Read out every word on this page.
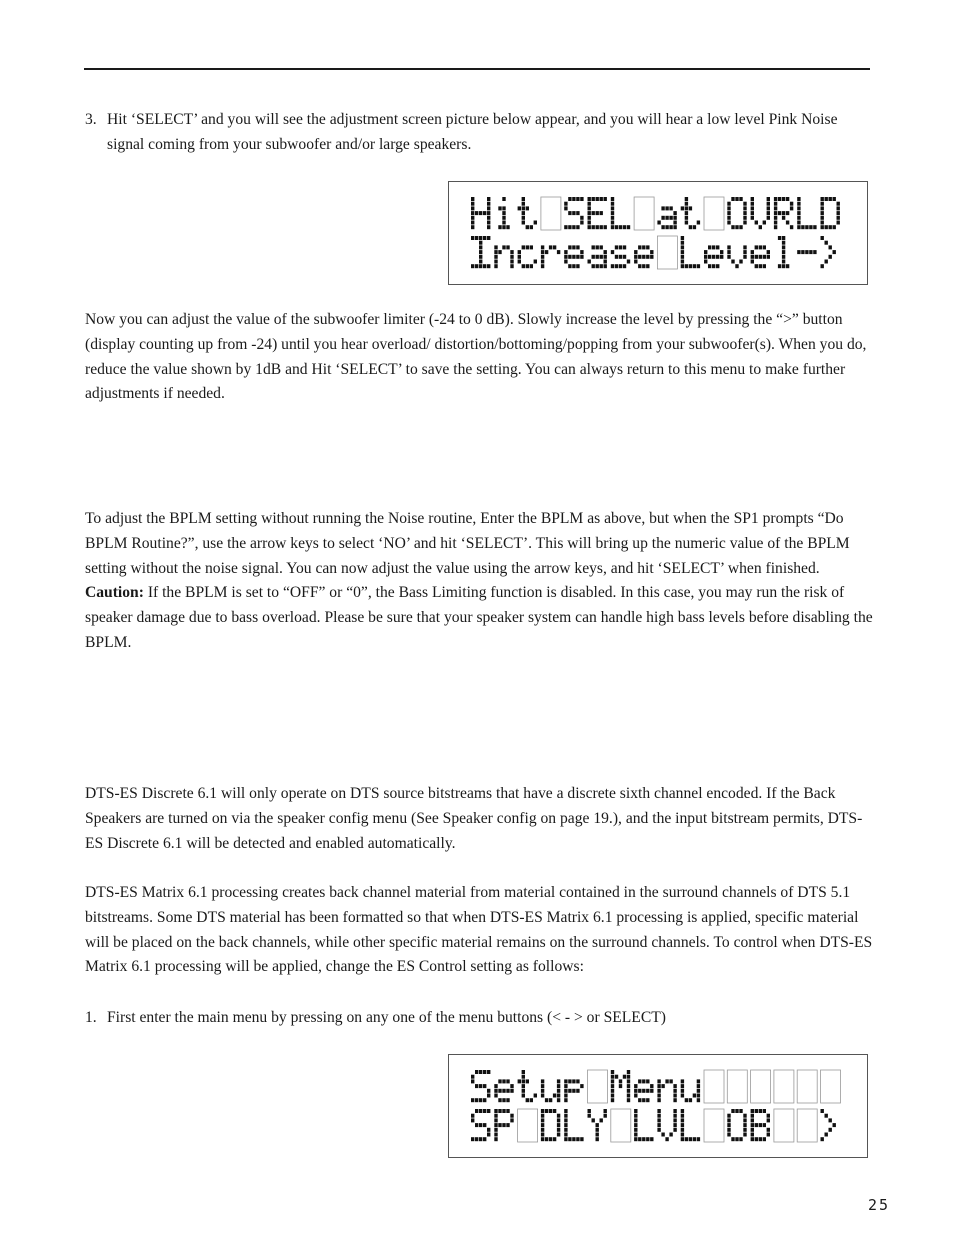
3. Hit ‘SELECT’ and you will see the adjustment screen picture below appear, and you will hear a low level Pink Noise signal coming from your subwoofer and/or large speakers.

Now you can adjust the value of the subwoofer limiter (-24 to 0 dB). Slowly increase the level by pressing the “>” button (display counting up from -24) until you hear overload/ distortion/bottoming/popping from your subwoofer(s). When you do, reduce the value shown by 1dB and Hit ‘SELECT’ to save the setting. You can always return to this menu to make further adjustments if needed.

To adjust the BPLM setting without running the Noise routine, Enter the BPLM as above, but when the SP1 prompts “Do BPLM Routine?”, use the arrow keys to select ‘NO’ and hit ‘SELECT’. This will bring up the numeric value of the BPLM setting without the noise signal. You can now adjust the value using the arrow keys, and hit ‘SELECT’ when finished.
Caution: If the BPLM is set to “OFF” or “0”, the Bass Limiting function is disabled. In this case, you may run the risk of speaker damage due to bass overload. Please be sure that your speaker system can handle high bass levels before disabling the BPLM.

DTS-ES Discrete 6.1 will only operate on DTS source bitstreams that have a discrete sixth channel encoded. If the Back Speakers are turned on via the speaker config menu (See Speaker config on page 19.), and the input bitstream permits, DTS-ES Discrete 6.1 will be detected and enabled automatically.

DTS-ES Matrix 6.1 processing creates back channel material from material contained in the surround channels of DTS 5.1 bitstreams. Some DTS material has been formatted so that when DTS-ES Matrix 6.1 processing is applied, specific material will be placed on the back channels, while other specific material remains on the surround channels. To control when DTS-ES Matrix 6.1 processing will be applied, change the ES Control setting as follows:

1. First enter the main menu by pressing on any one of the menu buttons (< - > or SELECT)
25
